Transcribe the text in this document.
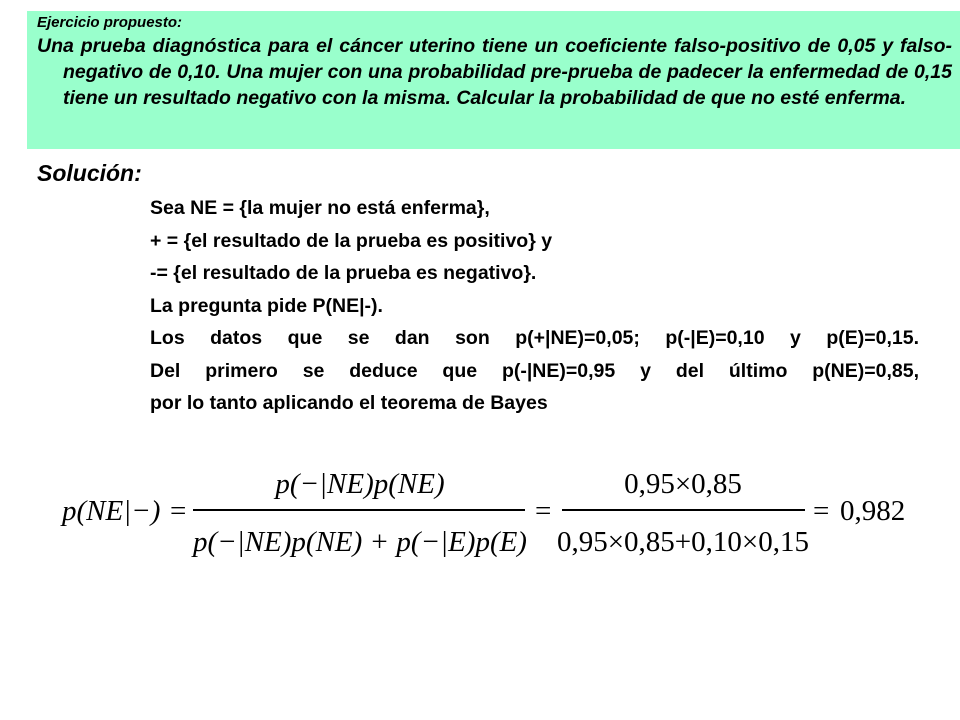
Ejercicio propuesto:

Una prueba diagnóstica para el cáncer uterino tiene un coeficiente falso-positivo de 0,05 y falso-negativo de 0,10. Una mujer con una probabilidad pre-prueba de padecer la enfermedad de 0,15 tiene un resultado negativo con la misma. Calcular la probabilidad de que no esté enferma.

Solución:
Sea NE = {la mujer no está enferma},
+ = {el resultado de la prueba es positivo} y
-= {el resultado de la prueba es negativo}.
La pregunta pide P(NE|-).
Los datos que se dan son p(+|NE)=0,05; p(-|E)=0,10 y p(E)=0,15.
Del primero se deduce que p(-|NE)=0,95 y del último p(NE)=0,85,
por lo tanto aplicando el teorema de Bayes
p(NE|−) =
p(−|NE)p(NE)
p(−|NE)p(NE) + p(−|E)p(E)
=
0,95×0,85
0,95×0,85+0,10×0,15
= 0,982
